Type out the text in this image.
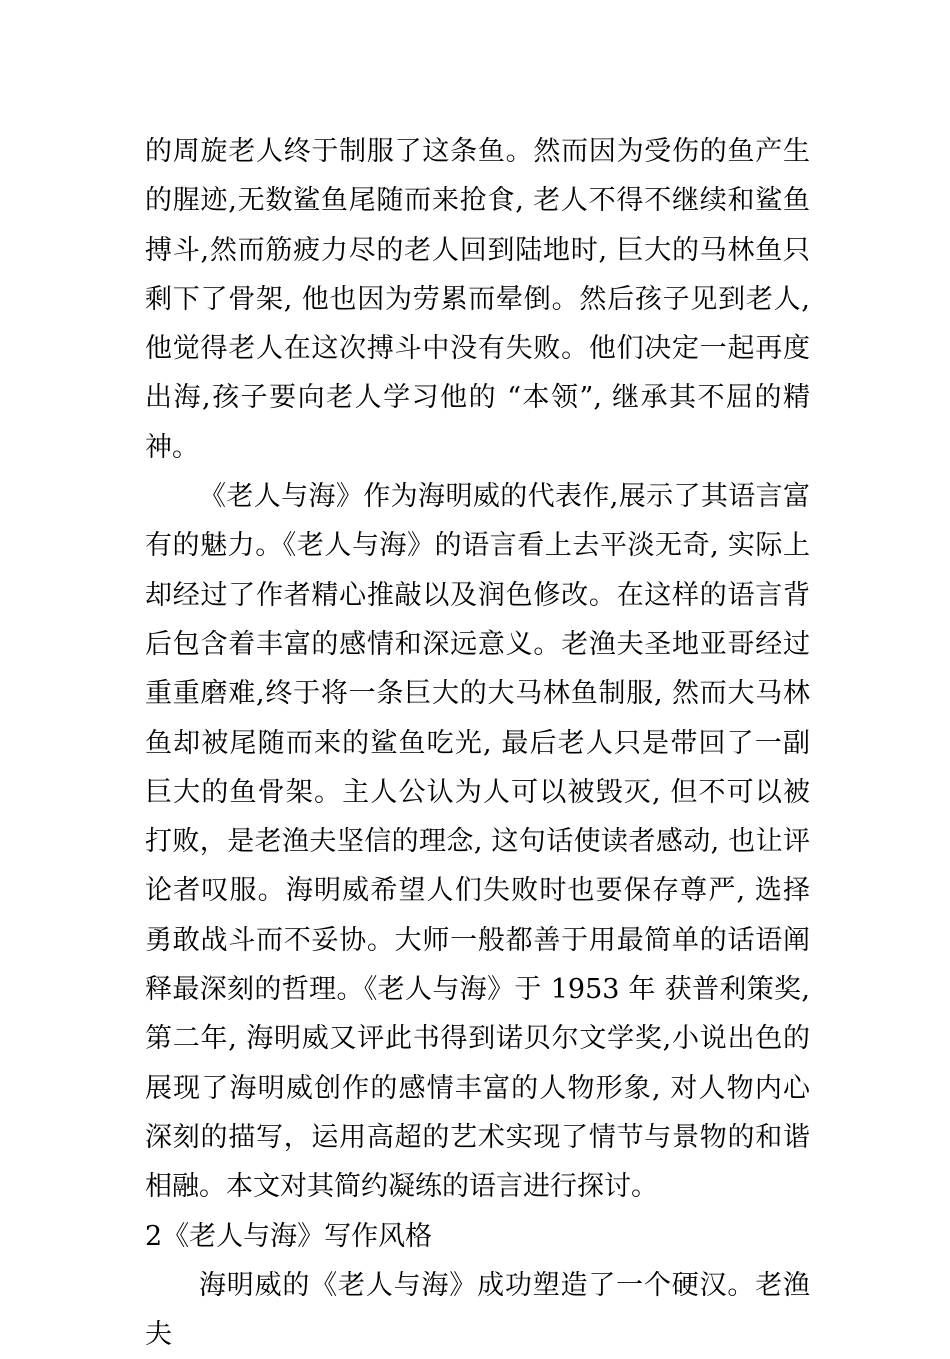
的周旋老人终于制服了这条鱼。然而因为受伤的鱼产生的腥迹,无数鲨鱼尾随而来抢食, 老人不得不继续和鲨鱼搏斗,然而筋疲力尽的老人回到陆地时, 巨大的马林鱼只剩下了骨架, 他也因为劳累而晕倒。然后孩子见到老人, 他觉得老人在这次搏斗中没有失败。他们决定一起再度出海,孩子要向老人学习他的 “本领”, 继承其不屈的精神。

《老人与海》作为海明威的代表作,展示了其语言富有的魅力。《老人与海》的语言看上去平淡无奇, 实际上却经过了作者精心推敲以及润色修改。在这样的语言背后包含着丰富的感情和深远意义。老渔夫圣地亚哥经过重重磨难,终于将一条巨大的大马林鱼制服, 然而大马林鱼却被尾随而来的鲨鱼吃光, 最后老人只是带回了一副巨大的鱼骨架。主人公认为人可以被毁灭, 但不可以被打败，是老渔夫坚信的理念, 这句话使读者感动, 也让评论者叹服。海明威希望人们失败时也要保存尊严, 选择勇敢战斗而不妥协。大师一般都善于用最简单的话语阐释最深刻的哲理。《老人与海》于 1953 年 获普利策奖, 第二年, 海明威又评此书得到诺贝尔文学奖,小说出色的展现了海明威创作的感情丰富的人物形象, 对人物内心深刻的描写，运用高超的艺术实现了情节与景物的和谐相融。本文对其简约凝练的语言进行探讨。

2《老人与海》写作风格

海明威的《老人与海》成功塑造了一个硬汉。老渔夫
